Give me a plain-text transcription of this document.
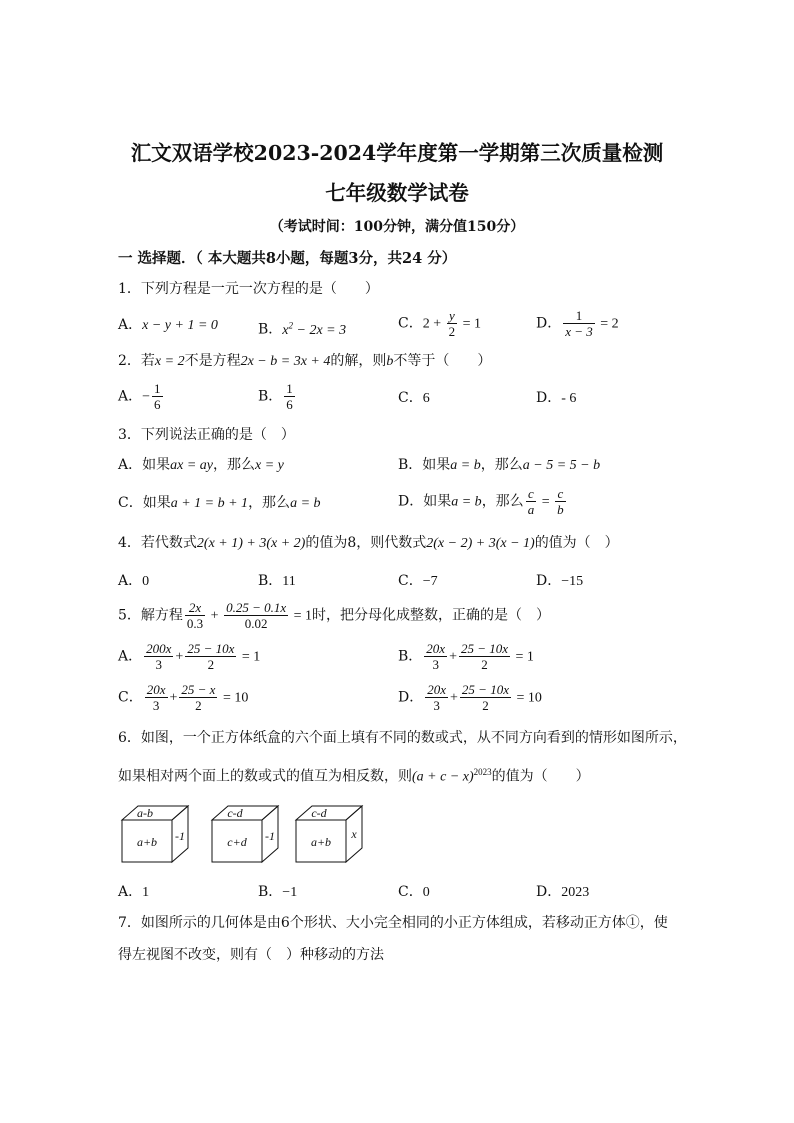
汇文双语学校2023-2024学年度第一学期第三次质量检测
七年级数学试卷
（考试时间：100分钟，满分值150分）
一 选择题．（ 本大题共8小题，每题3分，共24 分）
1．下列方程是一元一次方程的是（　　）
A．x − y + 1 = 0	B．$x^2 - 2x = 3$	C．$2 + \frac{y}{2} = 1$	D． $\frac{1}{x - 3} = 2$
2．若x = 2不是方程2x − b = 3x + 4的解，则b不等于（　　）
A．− $\frac{1}{6}$	B． $\frac{1}{6}$	C．6	D．- 6
3．下列说法正确的是（　）
A．如果ax = ay，那么x = y	B．如果a = b，那么a − 5 = 5 − b
C．如果a + 1 = b + 1，那么a = b	D．如果a = b，那么 $\frac{c}{a} = \frac{c}{b}$
4．若代数式2(x + 1) + 3(x + 2)的值为8，则代数式2(x − 2) + 3(x − 1)的值为（　）
A．0	B．11	C．−7	D．−15
5．解方程 $\frac{2x}{0.3} + \frac{0.25 - 0.1x}{0.02} = 1$时，把分母化成整数，正确的是（　）
A． $\frac{200x}{3} + \frac{25 - 10x}{2} = 1$	B． $\frac{20x}{3} + \frac{25 - 10x}{2} = 1$
C． $\frac{20x}{3} + \frac{25 - x}{2} = 10$	D． $\frac{20x}{3} + \frac{25 - 10x}{2} = 10$
6．如图，一个正方体纸盒的六个面上填有不同的数或式，从不同方向看到的情形如图所示，
如果相对两个面上的数或式的值互为相反数，则$(a + c - x)^{2023}$的值为（　　）
a-b
a+b -1
c-d
c+d -1
c-d
a+b
x
A．1	B．−1	C．0	D．2023
7．如图所示的几何体是由6个形状、大小完全相同的小正方体组成，若移动正方体①，使
得左视图不改变，则有（　）种移动的方法
